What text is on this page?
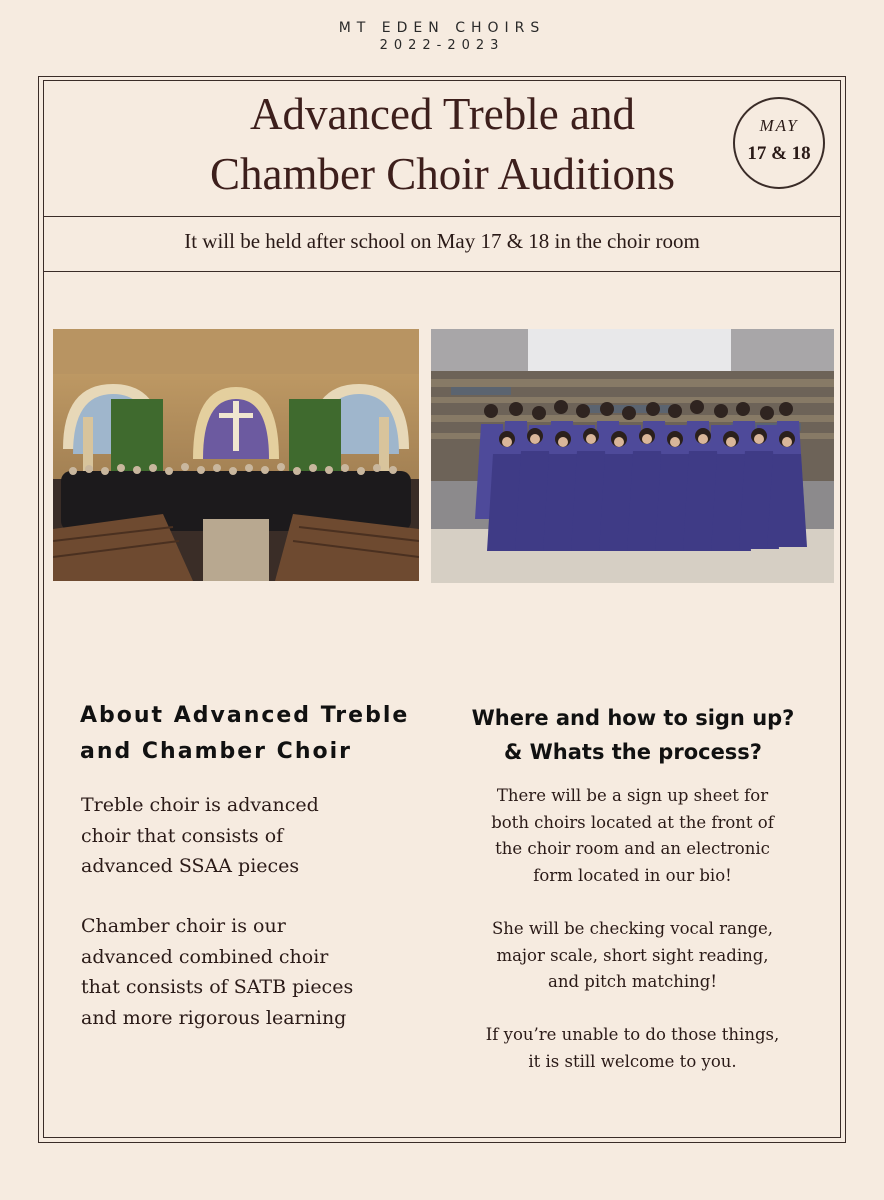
MT EDEN CHOIRS
2022-2023
Advanced Treble and
Chamber Choir Auditions
MAY
17 & 18
It will be held after school on May 17 & 18 in the choir room
About Advanced Treble
and Chamber Choir
Treble choir is advanced
choir that consists of
advanced SSAA pieces
Chamber choir is our
advanced combined choir
that consists of SATB pieces
and more rigorous learning
Where and how to sign up?
& Whats the process?
There will be a sign up sheet for
both choirs located at the front of
the choir room and an electronic
form located in our bio!
She will be checking vocal range,
major scale, short sight reading,
and pitch matching!
If you’re unable to do those things,
it is still welcome to you.
